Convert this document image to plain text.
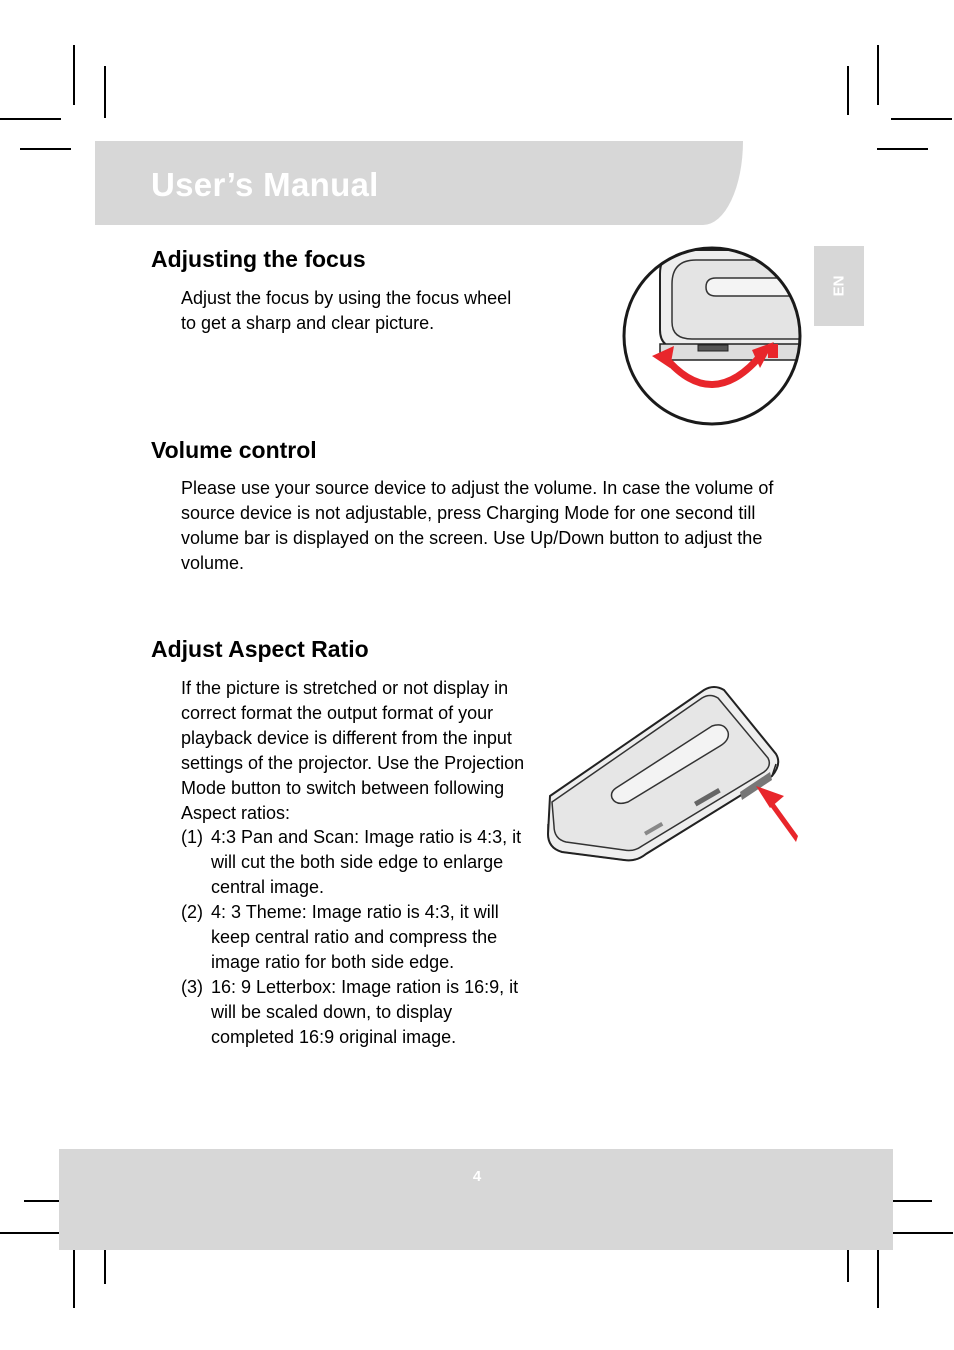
User’s Manual
EN
Adjusting the focus
Adjust the focus by using the focus wheel to get a sharp and clear picture.
Volume control
Please use your source device to adjust the volume. In case the volume of source device is not adjustable, press Charging Mode for one second till volume bar is displayed on the screen. Use Up/Down button to adjust the volume.
Adjust Aspect Ratio
If the picture is stretched or not display in correct format the output format of your playback device is different from the input settings of the projector. Use the Projection Mode button to switch between following Aspect ratios:
(1) 4:3 Pan and Scan: Image ratio is 4:3, it will cut the both side edge to enlarge central image.
(2) 4: 3 Theme: Image ratio is 4:3, it will keep central ratio and compress the image ratio for both side edge.
(3) 16: 9 Letterbox: Image ration is 16:9, it will be scaled down, to display completed 16:9 original image.
4
